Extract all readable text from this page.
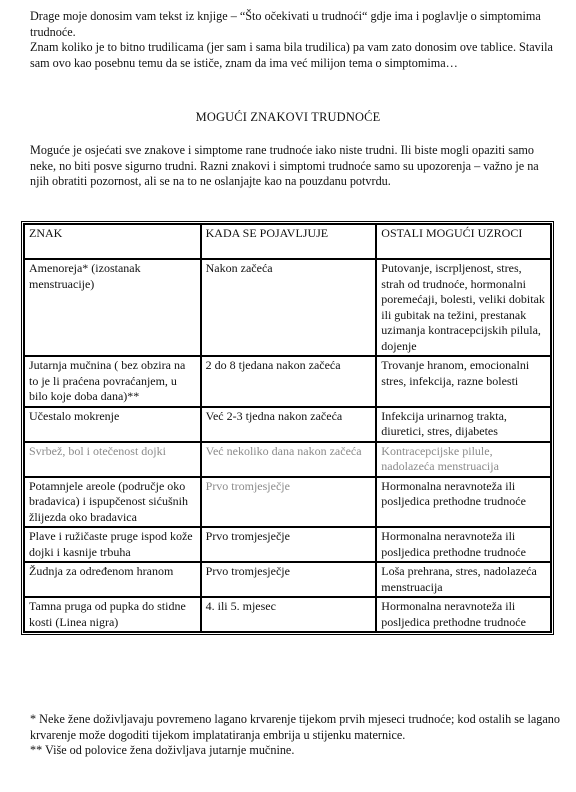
Drage moje donosim vam tekst iz knjige – “Što očekivati u trudnoći“ gdje ima i poglavlje o simptomima trudnoće.

Znam koliko je to bitno trudilicama (jer sam i sama bila trudilica) pa vam zato donosim ove tablice. Stavila sam ovo kao posebnu temu da se ističe, znam da ima već milijon tema o simptomima…

MOGUĆI ZNAKOVI TRUDNOĆE

Moguće je osjećati sve znakove i simptome rane trudnoće iako niste trudni. Ili biste mogli opaziti samo neke, no biti posve sigurno trudni. Razni znakovi i simptomi trudnoće samo su upozorenja – važno je na njih obratiti pozornost, ali se na to ne oslanjajte kao na pouzdanu potvrdu.

ZNAK	KADA SE POJAVLJUJE	OSTALI MOGUĆI UZROCI
Amenoreja* (izostanak menstruacije)	Nakon začeća	Putovanje, iscrpljenost, stres, strah od trudnoće, hormonalni poremećaji, bolesti, veliki dobitak ili gubitak na težini, prestanak uzimanja kontracepcijskih pilula, dojenje
Jutarnja mučnina ( bez obzira na to je li praćena povraćanjem, u bilo koje doba dana)**	2 do 8 tjedana nakon začeća	Trovanje hranom, emocionalni stres, infekcija, razne bolesti
Učestalo mokrenje	Već 2-3 tjedna nakon začeća	Infekcija urinarnog trakta, diuretici, stres, dijabetes
Svrbež, bol i otečenost dojki	Već nekoliko dana nakon začeća	Kontracepcijske pilule, nadolazeća menstruacija
Potamnjele areole (područje oko bradavica) i ispupčenost sićušnih žlijezda oko bradavica	Prvo tromjesječje	Hormonalna neravnoteža ili posljedica prethodne trudnoće
Plave i ružičaste pruge ispod kože dojki i kasnije trbuha	Prvo tromjesječje	Hormonalna neravnoteža ili posljedica prethodne trudnoće
Žudnja za određenom hranom	Prvo tromjesječje	Loša prehrana, stres, nadolazeća menstruacija
Tamna pruga od pupka do stidne kosti (Linea nigra)	4. ili 5. mjesec	Hormonalna neravnoteža ili posljedica prethodne trudnoće

* Neke žene doživljavaju povremeno lagano krvarenje tijekom prvih mjeseci trudnoće; kod ostalih se lagano krvarenje može dogoditi tijekom implatatiranja embrija u stijenku maternice.

** Više od polovice žena doživljava jutarnje mučnine.
